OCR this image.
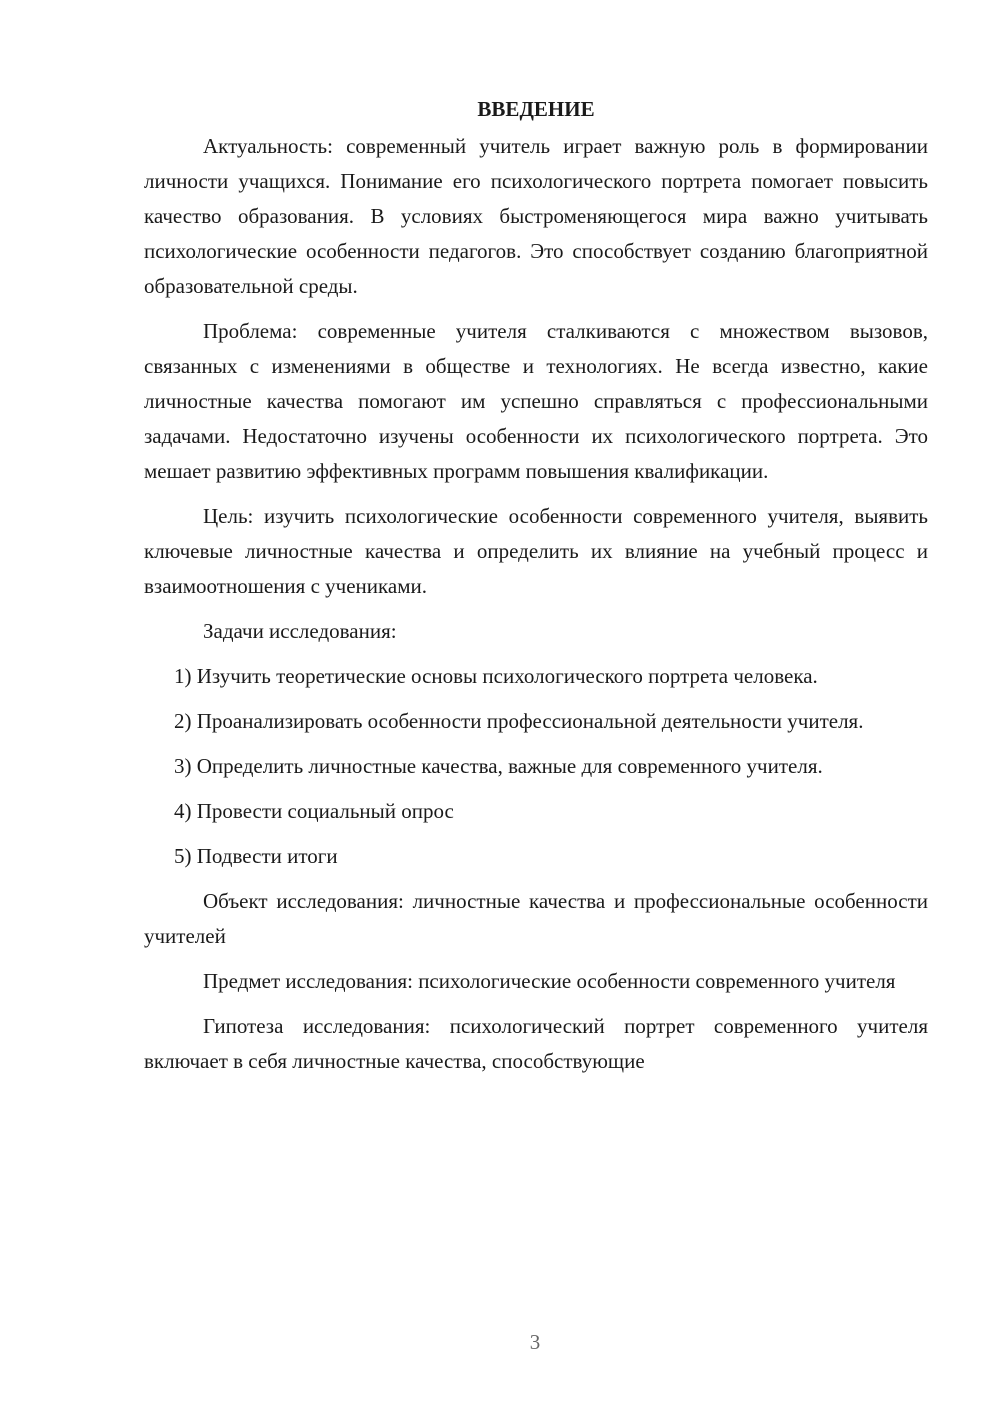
ВВЕДЕНИЕ

Актуальность: современный учитель играет важную роль в формировании личности учащихся. Понимание его психологического портрета помогает повысить качество образования. В условиях быстроменяющегося мира важно учитывать психологические особенности педагогов. Это способствует созданию благоприятной образовательной среды.

Проблема: современные учителя сталкиваются с множеством вызовов, связанных с изменениями в обществе и технологиях. Не всегда известно, какие личностные качества помогают им успешно справляться с профессиональными задачами. Недостаточно изучены особенности их психологического портрета. Это мешает развитию эффективных программ повышения квалификации.

Цель: изучить психологические особенности современного учителя, выявить ключевые личностные качества и определить их влияние на учебный процесс и взаимоотношения с учениками.

Задачи исследования:

1) Изучить теоретические основы психологического портрета человека.

2) Проанализировать особенности профессиональной деятельности учителя.

3) Определить личностные качества, важные для современного учителя.

4) Провести социальный опрос

5) Подвести итоги

Объект исследования: личностные качества и профессиональные особенности учителей

Предмет исследования: психологические особенности современного учителя

Гипотеза исследования: психологический портрет современного учителя включает в себя личностные качества, способствующие

3
